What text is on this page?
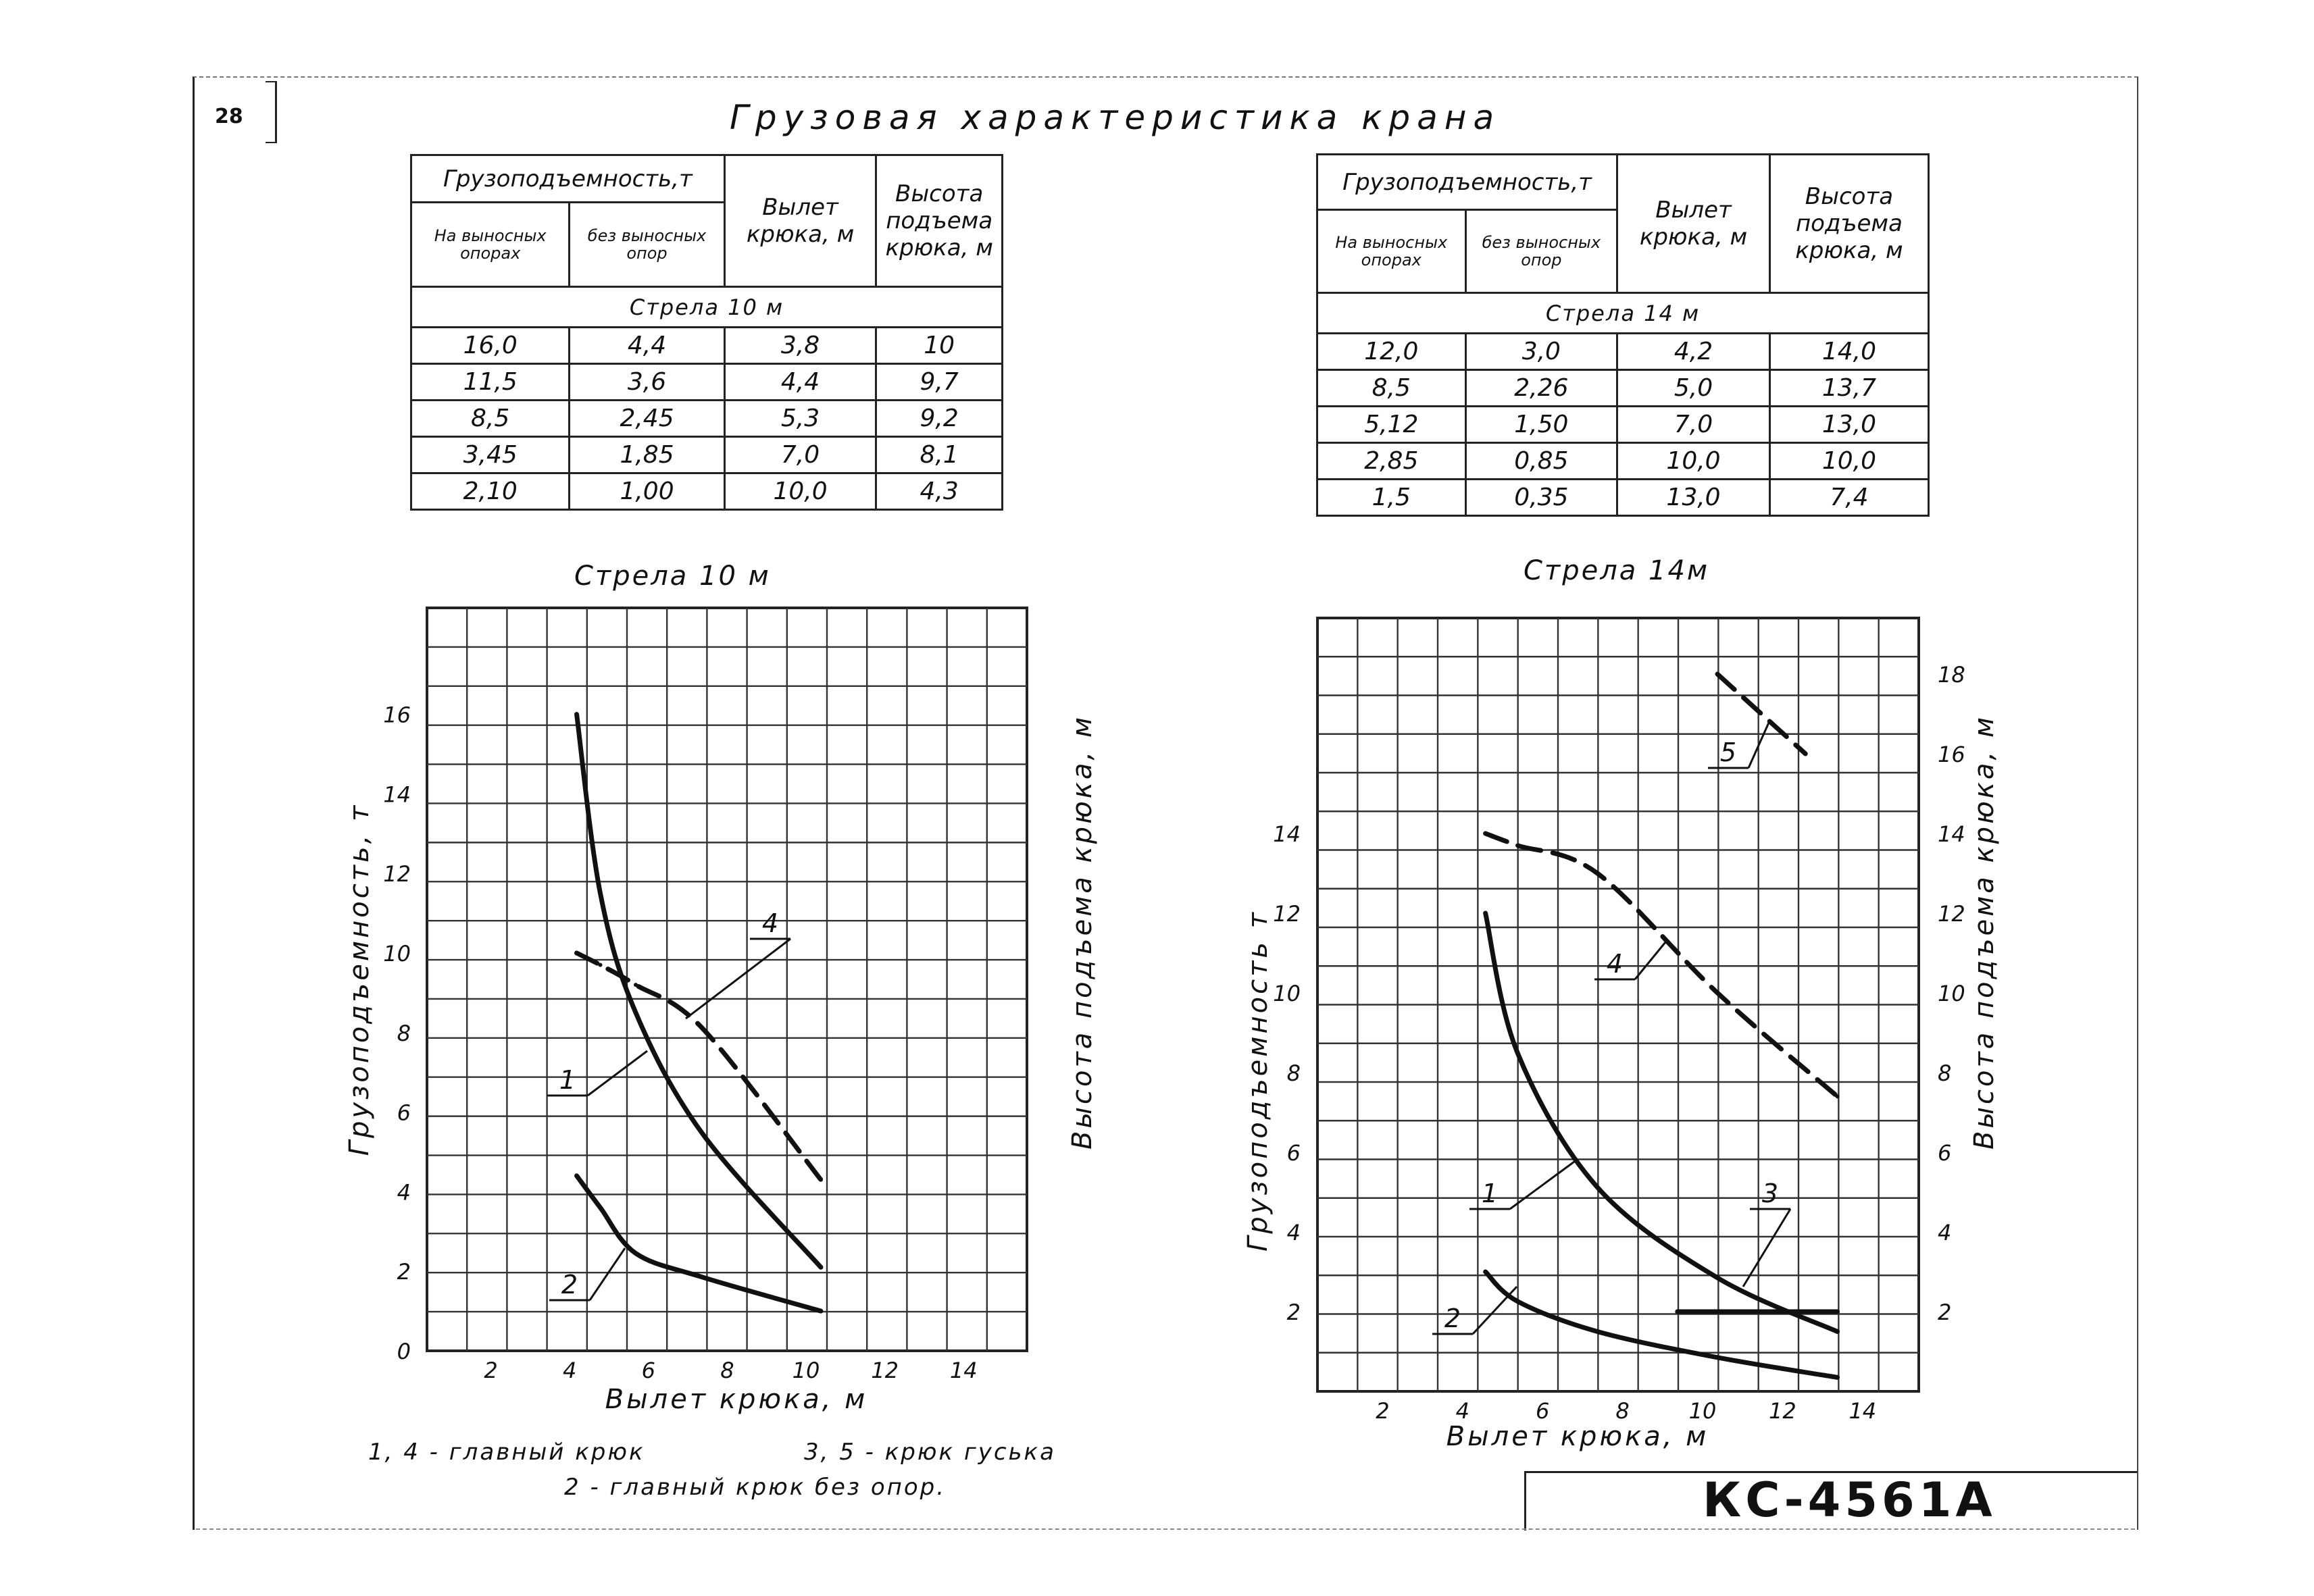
28	Грузовая характеристика крана
Грузоподъемность,т		Вылет крюка, м	Высота подъема крюка, м
На выносных опорах	без выносных опор		
Стрела 10 м			
16,0	4,4	3,8	10
11,5	3,6	4,4	9,7
8,5	2,45	5,3	9,2
3,45	1,85	7,0	8,1
2,10	1,00	10,0	4,3
Грузоподъемность,т		Вылет крюка, м	Высота подъема крюка, м
На выносных опорах	без выносных опор		
Стрела 14 м			
12,0	3,0	4,2	14,0
8,5	2,26	5,0	13,7
5,12	1,50	7,0	13,0
2,85	0,85	10,0	10,0
1,5	0,35	13,0	7,4
Стрела 10 м	Стрела 14м
2	4	6	8	10 12 14
2
4
6
8
10
12
14
16
0
Вылет крюка, м
Грузоподъемность, т	Высота подъема крюка, м
1
2
4
2	4	6	8	10 12 14
2
4
6
8
10
12
14
2
4
6
8
10
12
14
16
18
Вылет крюка, м
Грузоподъемность т	Высота подъема крюка, м
1
2
3
4
5
1, 4 - главный крюк	3, 5 - крюк гуська
2 - главный крюк без опор.	КС-4561А
